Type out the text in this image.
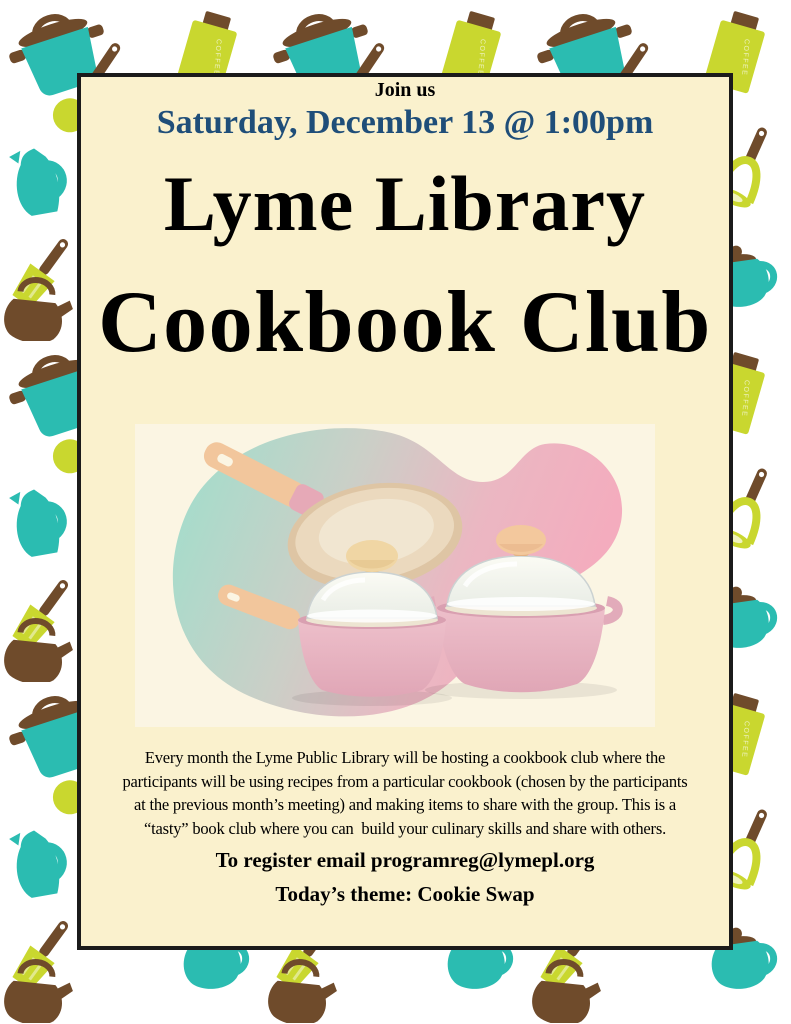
Join us
Saturday, December 13 @ 1:00pm
Lyme Library
Cookbook Club
Every month the Lyme Public Library will be hosting a cookbook club where the
participants will be using recipes from a particular cookbook (chosen by the participants
at the previous month’s meeting) and making items to share with the group. This is a
“tasty” book club where you can  build your culinary skills and share with others.
To register email programreg@lymepl.org
Today’s theme: Cookie Swap
